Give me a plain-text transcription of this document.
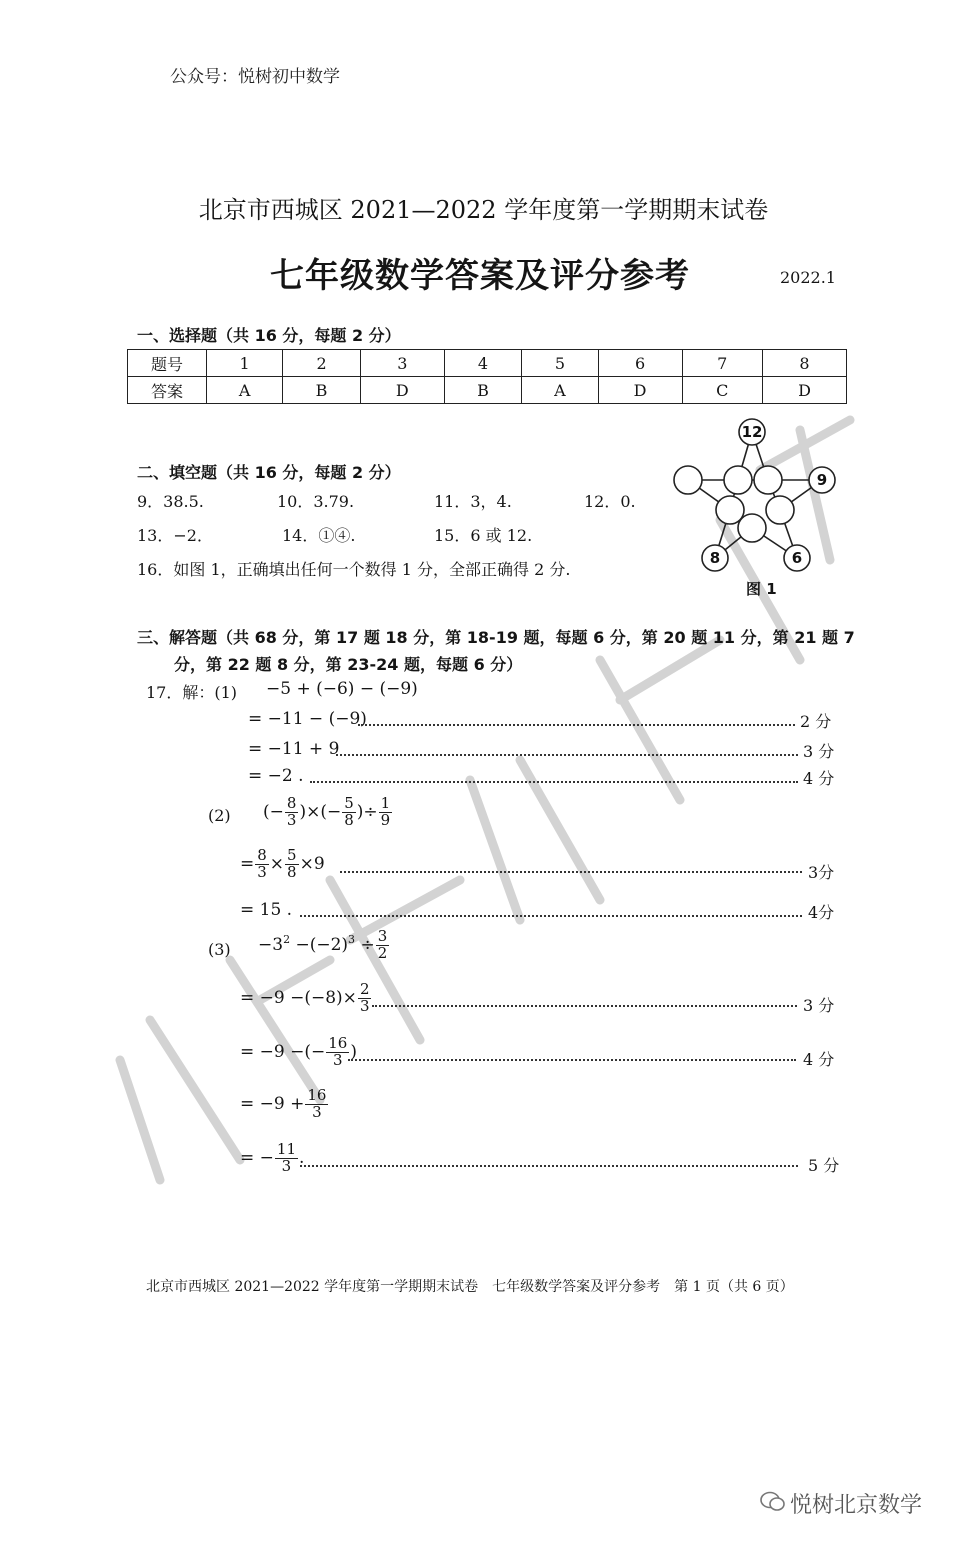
公众号：悦树初中数学
北京市西城区 2021—2022 学年度第一学期期末试卷
七年级数学答案及评分参考	2022.1
一、选择题（共 16 分，每题 2 分）
题号	1	2	3	4	5	6	7	8
答案	A	B	D	B	A	D	C	D
二、填空题（共 16 分，每题 2 分）
9．38.5.	10．3.79.	11．3，4.	12．0.
13．−2．	14．①④.	15．6 或 12.
16．如图 1，正确填出任何一个数得 1 分，全部正确得 2 分.
12
9
8	6
图 1
三、解答题（共 68 分，第 17 题 18 分，第 18-19 题，每题 6 分，第 20 题 11 分，第 21 题 7
分，第 22 题 8 分，第 23-24 题，每题 6 分）
17．解：(1) −5 + (−6) − (−9)
= −11 − (−9)	2 分
= −11 + 9	3 分
= −2 .	4 分
(2) (− $\frac{8}{3}$ )×(− $\frac{5}{8}$ )÷ $\frac{1}{9}$
= $\frac{8}{3} \times \frac{5}{8} \times 9$	3分
= 15 .	4分
$(3) -3^2 -(-2)^3 \div \frac{3}{2}$
= $-9 -(-8)\times \frac{2}{3}$	3 分
= −9 −(− $\frac{16}{3}$ )	4 分
= $-9 + \frac{16}{3}$
= − $\frac{11}{3}$ .	5 分
北京市西城区 2021—2022 学年度第一学期期末试卷　七年级数学答案及评分参考　第 1 页（共 6 页）
悦树北京数学
